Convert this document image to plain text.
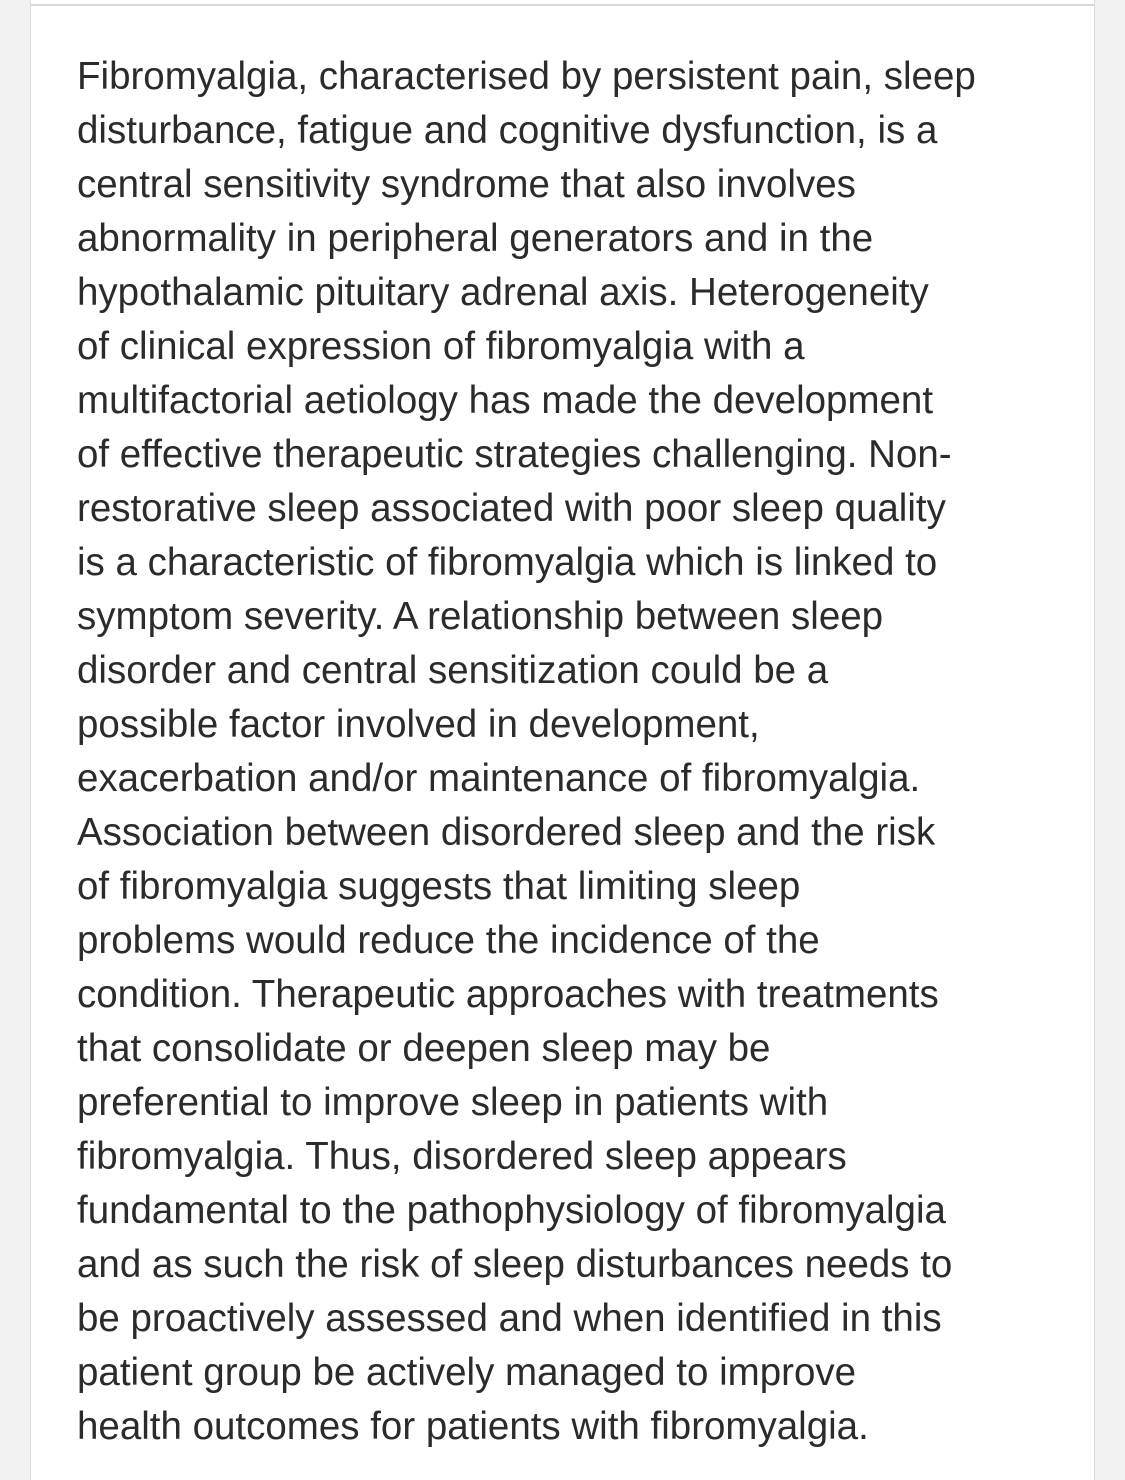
Fibromyalgia, characterised by persistent pain, sleep
disturbance, fatigue and cognitive dysfunction, is a
central sensitivity syndrome that also involves
abnormality in peripheral generators and in the
hypothalamic pituitary adrenal axis. Heterogeneity
of clinical expression of fibromyalgia with a
multifactorial aetiology has made the development
of effective therapeutic strategies challenging. Non-
restorative sleep associated with poor sleep quality
is a characteristic of fibromyalgia which is linked to
symptom severity. A relationship between sleep
disorder and central sensitization could be a
possible factor involved in development,
exacerbation and/or maintenance of fibromyalgia.
Association between disordered sleep and the risk
of fibromyalgia suggests that limiting sleep
problems would reduce the incidence of the
condition. Therapeutic approaches with treatments
that consolidate or deepen sleep may be
preferential to improve sleep in patients with
fibromyalgia. Thus, disordered sleep appears
fundamental to the pathophysiology of fibromyalgia
and as such the risk of sleep disturbances needs to
be proactively assessed and when identified in this
patient group be actively managed to improve
health outcomes for patients with fibromyalgia.
